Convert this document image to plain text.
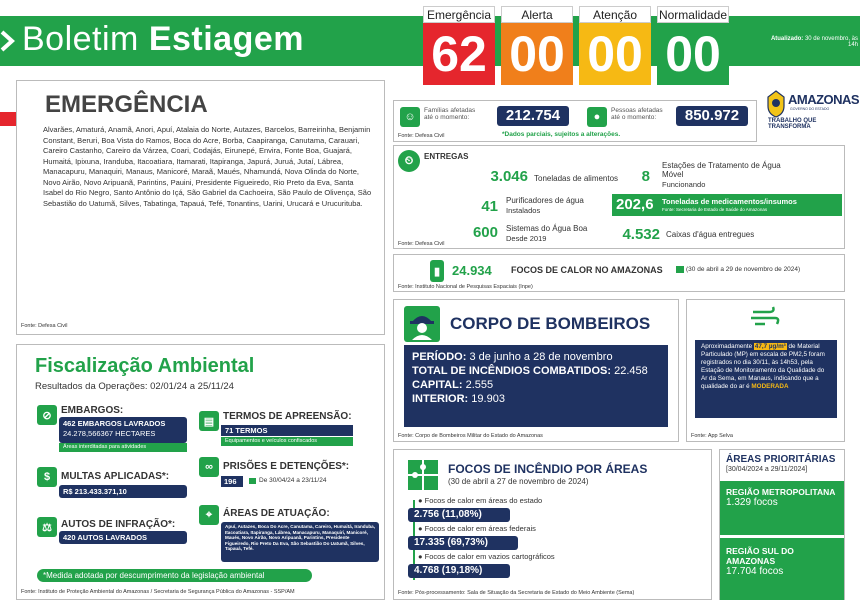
Boletim Estiagem
Emergência
62
Alerta
00
Atenção
00
Normalidade
00	Atualizado: 30 de novembro, às 14h
EMERGÊNCIA
Alvarães, Amaturá, Anamã, Anori, Apuí, Atalaia do Norte, Autazes, Barcelos, Barreirinha, Benjamin Constant, Beruri, Boa Vista do Ramos, Boca do Acre, Borba, Caapiranga, Canutama, Carauari, Careiro Castanho, Careiro da Várzea, Coari, Codajás, Eirunepé, Envira, Fonte Boa, Guajará, Humaitá, Ipixuna, Iranduba, Itacoatiara, Itamarati, Itapiranga, Japurá, Juruá, Jutaí, Lábrea, Manacapuru, Manaquiri, Manaus, Manicoré, Maraã, Maués, Nhamundá, Nova Olinda do Norte, Novo Airão, Novo Aripuanã, Parintins, Pauini, Presidente Figueiredo, Rio Preto da Eva, Santa Isabel do Rio Negro, Santo Antônio do Içá, São Gabriel da Cachoeira, São Paulo de Olivença, São Sebastião do Uatumã, Silves, Tabatinga, Tapauá, Tefé, Tonantins, Uarini, Urucará e Urucurituba.
Fonte: Defesa Civil
☺
Famílias afetadas até o momento:	212.754	●
Pessoas afetadas até o momento:	850.972
Fonte: Defesa Civil	*Dados parciais, sujeitos a alterações.
AMAZONAS
GOVERNO DO ESTADO
TRABALHO QUE TRANSFORMA
⏲	ENTREGAS
3.046 Toneladas de alimentos	8
Estações de Tratamento de Água Móvel
Funcionando
41 Purificadores de água
Instalados	202,6 Toneladas de medicamentos/insumos
Fonte: Secretaria de Estado de Saúde do Amazonas
600 Sistemas do Água Boa
Desde 2019	4.532 Caixas d'água entregues
Fonte: Defesa Civil
▮ 24.934 FOCOS DE CALOR NO AMAZONAS	(30 de abril a 29 de novembro de 2024)
Fonte: Instituto Nacional de Pesquisas Espaciais (Inpe)
CORPO DE BOMBEIROS
PERÍODO: 3 de junho a 28 de novembro
TOTAL DE INCÊNDIOS COMBATIDOS: 22.458
CAPITAL: 2.555
INTERIOR: 19.903
Fonte: Corpo de Bombeiros Militar do Estado do Amazonas
Aproximadamente 47,7 µg/m³ de Material Particulado (MP) em escala de PM2,5 foram registrados no dia 30/11, às 14h53, pela Estação de Monitoramento da Qualidade do Ar da Sema, em Manaus, indicando que a qualidade do ar é MODERADA
Fonte: App Selva
Fiscalização Ambiental
Resultados da Operações: 02/01/24 a 25/11/24
⊘ EMBARGOS:
462 EMBARGOS LAVRADOS
24.278,566367 HECTARES
Áreas interditadas para atividades
▤ TERMOS DE APREENSÃO:
71 TERMOS
Equipamentos e veículos confiscados
$	MULTAS APLICADAS*:
R$ 213.433.371,10
∞	PRISÕES E DETENÇÕES*:
196	De 30/04/24 a 23/11/24
⚖ AUTOS DE INFRAÇÃO*:
420 AUTOS LAVRADOS
⌖	ÁREAS DE ATUAÇÃO:
Apuí, Autazes, Boca Do Acre, Canutama, Careiro, Humaitá, Iranduba, Itacoatiara, Itapiranga, Lábrea, Manacapuru, Manaquiri, Manicoré, Maués, Novo Airão, Novo Aripuanã, Parintins, Presidente Figueiredo, Rio Preto Da Eva, São Sebastião Do Uatumã, Silves, Tapauá, Tefé.
*Medida adotada por descumprimento da legislação ambiental
Fonte: Instituto de Proteção Ambiental do Amazonas / Secretaria de Segurança Pública do Amazonas - SSP/AM
FOCOS DE INCÊNDIO POR ÁREAS
(30 de abril a 27 de novembro de 2024)
● Focos de calor em áreas do estado
2.756 (11,08%)
● Focos de calor em áreas federais
17.335 (69,73%)
● Focos de calor em vazios cartográficos
4.768 (19,18%)
Fonte: Pós-processamento: Sala de Situação da Secretaria de Estado do Meio Ambiente (Sema)
ÁREAS PRIORITÁRIAS
[30/04/2024 a 29/11/2024]
REGIÃO METROPOLITANA
1.329 focos
REGIÃO SUL DO AMAZONAS
17.704 focos
